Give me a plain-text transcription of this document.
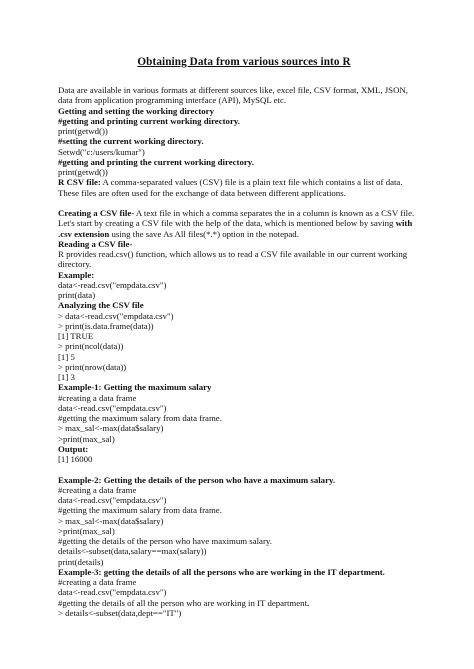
Obtaining Data from various sources into R
Data are available in various formats at different sources like, excel file, CSV format, XML, JSON,
data from application programming interface (API), MySQL etc.
Getting and setting the working directory
#getting and printing current working directory.
print(getwd())
#setting the current working directory.
Setwd("c:/users/kumar")
#getting and printing the current working directory.
print(getwd())
R CSV file: A comma-separated values (CSV) file is a plain text file which contains a list of data.
These files are often used for the exchange of data between different applications.
Creating a CSV file- A text file in which a comma separates the in a column is known as a CSV file.
Let's start by creating a CSV file with the help of the data, which is mentioned below by saving with
.csv extension using the save As All files(*.*) option in the notepad.
Reading a CSV file-
R provides read.csv() function, which allows us to read a CSV file available in our current working
directory.
Example:
data<-read.csv("empdata.csv")
print(data)
Analyzing the CSV file
> data<-read.csv("empdata.csv")
> print(is.data.frame(data))
[1] TRUE
> print(ncol(data))
[1] 5
> print(nrow(data))
[1] 3
Example-1: Getting the maximum salary
#creating a data frame
data<-read.csv("empdata.csv")
#getting the maximum salary from data frame.
> max_sal<-max(data$salary)
>print(max_sal)
Output:
[1] 16000
Example-2: Getting the details of the person who have a maximum salary.
#creating a data frame
data<-read.csv("empdata.csv")
#getting the maximum salary from data frame.
> max_sal<-max(data$salary)
>print(max_sal)
#getting the details of the person who have maximum salary.
details<-subset(data,salary==max(salary))
print(details)
Example-3: getting the details of all the persons who are working in the IT department.
#creating a data frame
data<-read.csv("empdata.csv")
#getting the details of all the person who are working in IT department.
> details<-subset(data,dept=="IT")
